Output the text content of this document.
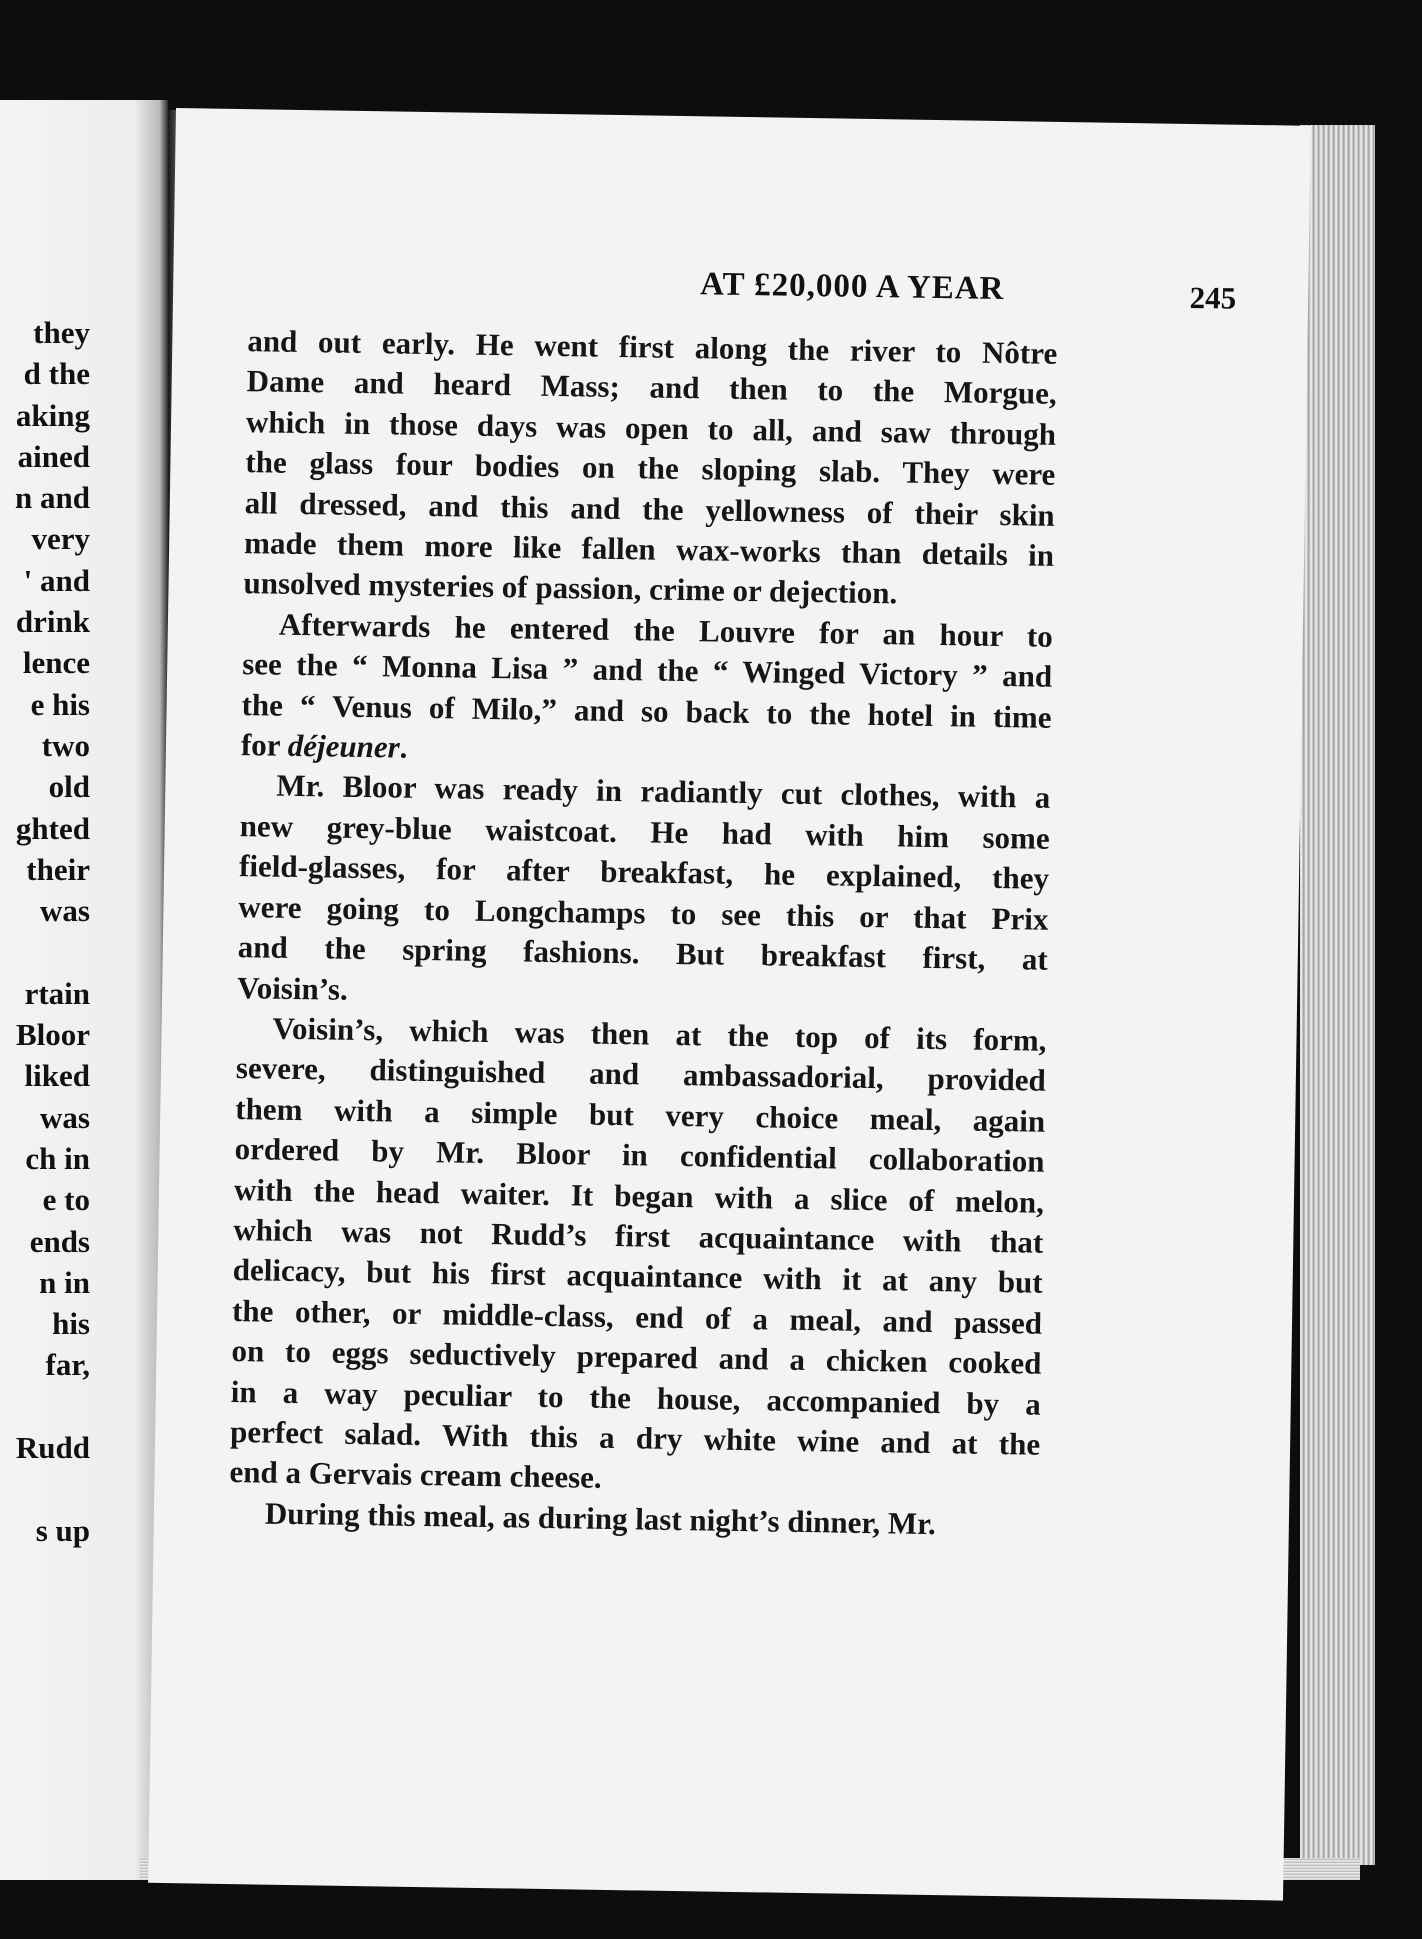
they
d the
aking
ained
n and
very
' and
drink
lence
e his
two
old
ghted
their
was
rtain
Bloor
liked
was
ch in
e to
ends
n in
his
far,
Rudd
s up
AT £20,000 A YEAR	245

and out early. He went first along the river to Nôtre

Dame and heard Mass; and then to the Morgue,

which in those days was open to all, and saw through

the glass four bodies on the sloping slab. They were

all dressed, and this and the yellowness of their skin

made them more like fallen wax-works than details in

unsolved mysteries of passion, crime or dejection.

Afterwards he entered the Louvre for an hour to

see the “ Monna Lisa ” and the “ Winged Victory ” and

the “ Venus of Milo,” and so back to the hotel in time

for déjeuner.

Mr. Bloor was ready in radiantly cut clothes, with a

new grey-blue waistcoat. He had with him some

field-glasses, for after breakfast, he explained, they

were going to Longchamps to see this or that Prix

and the spring fashions. But breakfast first, at

Voisin’s.

Voisin’s, which was then at the top of its form,

severe, distinguished and ambassadorial, provided

them with a simple but very choice meal, again

ordered by Mr. Bloor in confidential collaboration

with the head waiter. It began with a slice of melon,

which was not Rudd’s first acquaintance with that

delicacy, but his first acquaintance with it at any but

the other, or middle-class, end of a meal, and passed

on to eggs seductively prepared and a chicken cooked

in a way peculiar to the house, accompanied by a

perfect salad. With this a dry white wine and at the

end a Gervais cream cheese.

During this meal, as during last night’s dinner, Mr.
